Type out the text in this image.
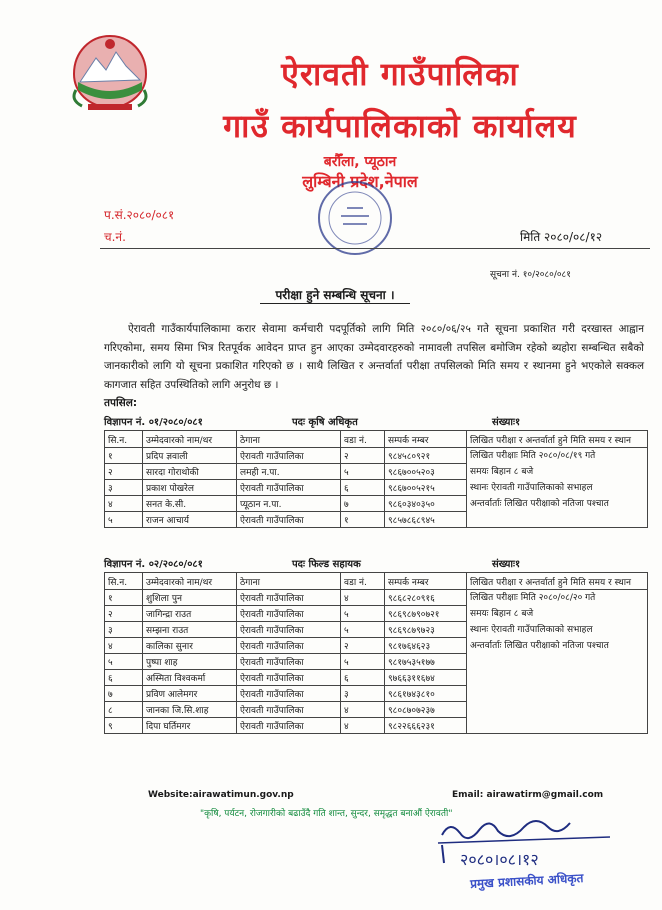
ऐरावती गाउँपालिका
गाउँ कार्यपालिकाको कार्यालय
बरौँला, प्यूठान
लुम्बिनी प्रदेश,नेपाल
प.सं.२०८०/०८१
च.नं.	मिति २०८०/०८/१२
सूचना नं. १०/२०८०/०८१
परीक्षा हुने सम्बन्धि सूचना ।
ऐरावती गाउँकार्यपालिकामा करार सेवामा कर्मचारी पदपूर्तिको लागि मिति २०८०/०६/२५ गते सूचना प्रकाशित गरी दरखास्त आह्वान गरिएकोमा, समय सिमा भित्र रितपूर्वक आवेदन प्राप्त हुन आएका उम्मेदवारहरुको नामावली तपसिल बमोजिम रहेको ब्यहोरा सम्बन्धित सबैको जानकारीको लागि यो सूचना प्रकाशित गरिएको छ । साथै लिखित र अन्तर्वार्ता परीक्षा तपसिलको मिति समय र स्थानमा हुने भएकोले सक्कल कागजात सहित उपस्थितिको लागि अनुरोध छ ।
तपसिल:
विज्ञापन नं. ०१/२०८०/०८१	पदः कृषि अधिकृत	संख्याः१
सि.न.	उम्मेदवारको नाम/थर	ठेगाना	वडा नं.	सम्पर्क नम्बर	लिखित परीक्षा र अन्तर्वार्ता हुने मिति समय र स्थान
१	प्रदिप ज्ञवाली	ऐरावती गाउँपालिका	२	९८४५८०९२१	लिखित परीक्षाः मिति २०८०/०८/१९ गते
समयः बिहान ८ बजे
स्थानः ऐरावती गाउँपालिकाको सभाहल
अन्तर्वार्ताः लिखित परीक्षाको नतिजा पश्चात

२	सारदा गोराथोकी	लमही न.पा.	५	९८६७००५२०३	
३	प्रकाश पोखरेल	ऐरावती गाउँपालिका	६	९८६७००५२१५	
४	सनत के.सी.	प्यूठान न.पा.	७	९८६०३४०३५०	
५	राजन आचार्य	ऐरावती गाउँपालिका	१	९८५७८६८९४५	
विज्ञापन नं. ०२/२०८०/०८१	पदः फिल्ड सहायक	संख्याः१
सि.न.	उम्मेदवारको नाम/थर	ठेगाना	वडा नं.	सम्पर्क नम्बर	लिखित परीक्षा र अन्तर्वार्ता हुने मिति समय र स्थान
१	शुशिला पुन	ऐरावती गाउँपालिका	४	९८६८२८०९१६	लिखित परीक्षाः मिति २०८०/०८/२० गते
समयः बिहान ८ बजे
स्थानः ऐरावती गाउँपालिकाको सभाहल
अन्तर्वार्ताः लिखित परीक्षाको नतिजा पश्चात

२	जागिन्द्रा राउत	ऐरावती गाउँपालिका	५	९८६९८७९०७२१	
३	सम्झना राउत	ऐरावती गाउँपालिका	५	९८६९८७९७२३	
४	कालिका सुनार	ऐरावती गाउँपालिका	२	९८१७६४६२३	
५	पुष्पा शाह	ऐरावती गाउँपालिका	५	९८१७५३५१७७	
६	अस्मिता विश्वकर्मा	ऐरावती गाउँपालिका	६	९७६६३११६७४	
७	प्रविण आलेमगर	ऐरावती गाउँपालिका	३	९८६१७४३८१०	
८	जानका जि.सि.शाह	ऐरावती गाउँपालिका	४	९८०८७०७२३७	
९	दिपा घर्तिमगर	ऐरावती गाउँपालिका	४	९८२२६६६२३१	
Website:airawatimun.gov.np	Email: airawatirm@gmail.com
"कृषि, पर्यटन, रोजगारीको बढाउँदै गति शान्त, सुन्दर, समृद्धत बनाऔं ऐरावती"
२०८०।०८।१२
प्रमुख प्रशासकीय अधिकृत
